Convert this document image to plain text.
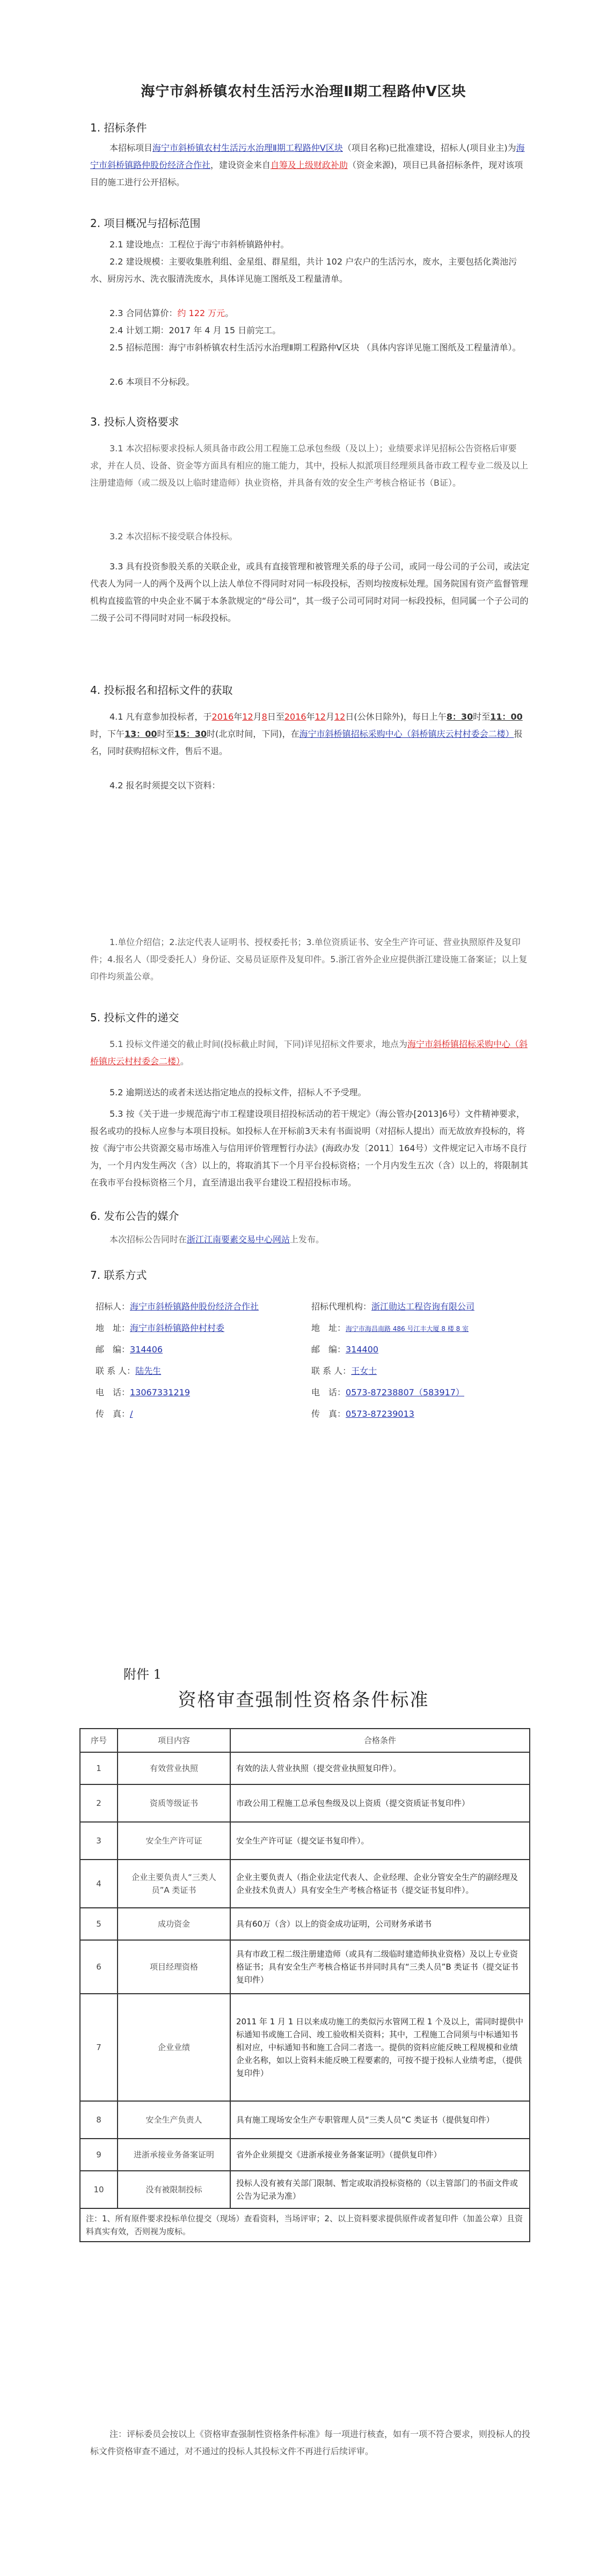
海宁市斜桥镇农村生活污水治理Ⅱ期工程路仲Ⅴ区块
1. 招标条件
本招标项目海宁市斜桥镇农村生活污水治理Ⅱ期工程路仲Ⅴ区块（项目名称)已批准建设，招标人(项目业主)为海宁市斜桥镇路仲股份经济合作社，建设资金来自自筹及上级财政补助（资金来源)，项目已具备招标条件，现对该项目的施工进行公开招标。
2. 项目概况与招标范围
2.1 建设地点：工程位于海宁市斜桥镇路仲村。
2.2 建设规模：主要收集胜利组、金星组、群星组，共计 102 户农户的生活污水，废水，主要包括化粪池污水、厨房污水、洗衣服清洗废水，具体详见施工图纸及工程量清单。
2.3 合同估算价：约 122 万元。
2.4 计划工期：2017 年 4 月 15 日前完工。
2.5 招标范围：海宁市斜桥镇农村生活污水治理Ⅱ期工程路仲Ⅴ区块 （具体内容详见施工图纸及工程量清单）。
2.6 本项目不分标段。
3. 投标人资格要求
3.1 本次招标要求投标人须具备市政公用工程施工总承包叁级（及以上）；业绩要求详见招标公告资格后审要求，并在人员、设备、资金等方面具有相应的施工能力，其中，投标人拟派项目经理须具备市政工程专业二级及以上注册建造师（或二级及以上临时建造师）执业资格，并具备有效的安全生产考核合格证书（B证）。
3.2 本次招标不接受联合体投标。
3.3 具有投资参股关系的关联企业，或具有直接管理和被管理关系的母子公司，或同一母公司的子公司，或法定代表人为同一人的两个及两个以上法人单位不得同时对同一标段投标，否则均按废标处理。国务院国有资产监督管理机构直接监管的中央企业不属于本条款规定的“母公司”，其一级子公司可同时对同一标段投标，但同属一个子公司的二级子公司不得同时对同一标段投标。
4. 投标报名和招标文件的获取
4.1 凡有意参加投标者，于2016年12月8日至2016年12月12日(公休日除外)，每日上午8：30时至11：00时，下午13：00时至15：30时(北京时间，下同)，在海宁市斜桥镇招标采购中心（斜桥镇庆云村村委会二楼）报名，同时获购招标文件，售后不退。
4.2 报名时须提交以下资料：
1.单位介绍信；2.法定代表人证明书、授权委托书；3.单位资质证书、安全生产许可证、营业执照原件及复印件；4.报名人（即受委托人）身份证、交易员证原件及复印件。5.浙江省外企业应提供浙江建设施工备案证；以上复印件均须盖公章。
5. 投标文件的递交
5.1 投标文件递交的截止时间(投标截止时间，下同)详见招标文件要求，地点为海宁市斜桥镇招标采购中心（斜桥镇庆云村村委会二楼）。
5.2 逾期送达的或者未送达指定地点的投标文件，招标人不予受理。
5.3 按《关于进一步规范海宁市工程建设项目招投标活动的若干规定》（海公管办[2013]6号）文件精神要求，报名或功的投标人应参与本项目投标。如投标人在开标前3天未有书面说明（对招标人提出）而无故放弃投标的，将按《海宁市公共资源交易市场准入与信用评价管理暂行办法》(海政办发〔2011〕164号）文件规定记入市场不良行为，一个月内发生两次（含）以上的，将取消其下一个月平台投标资格；一个月内发生五次（含）以上的，将限制其在我市平台投标资格三个月，直至清退出我平台建设工程招投标市场。
6. 发布公告的媒介
本次招标公告同时在浙江江南要素交易中心网站上发布。
7. 联系方式
招标人：海宁市斜桥镇路仲股份经济合作社
地　址：海宁市斜桥镇路仲村村委
邮　编：314406
联 系 人：陆先生
电　话：13067331219
传　真：/
招标代理机构：浙江勋达工程咨询有限公司
地　址：海宁市海昌南路 486 号江丰大厦 8 楼 8 室
邮　编：314400
联 系 人：王女士
电　话：0573-87238807（583917）
传　真：0573-87239013
附件 1
资格审查强制性资格条件标准
序号	项目内容	合格条件
1	有效营业执照	有效的法人营业执照（提交营业执照复印件）。
2	资质等级证书	市政公用工程施工总承包叁级及以上资质（提交资质证书复印件）
3	安全生产许可证	安全生产许可证（提交证书复印件）。
4	企业主要负责人“三类人员”A 类证书	企业主要负责人（指企业法定代表人、企业经理、企业分管安全生产的副经理及企业技术负责人）具有安全生产考核合格证书（提交证书复印件）。
5	成功资金	具有60万（含）以上的资金成功证明，公司财务承诺书
6	项目经理资格	具有市政工程二级注册建造师（或具有二级临时建造师执业资格）及以上专业资格证书；具有安全生产考核合格证书并同时具有“三类人员”B 类证书（提交证书复印件）
7	企业业绩	2011 年 1 月 1 日以来成功施工的类似污水管网工程 1 个及以上，需同时提供中标通知书或施工合同、竣工验收相关资料；其中，工程施工合同须与中标通知书相对应，中标通知书和施工合同二者选一。提供的资料应能反映工程规模和业绩企业名称，如以上资料未能反映工程要素的，可按不提于投标人业绩考虑，（提供复印件）
8	安全生产负责人	具有施工现场安全生产专职管理人员“三类人员”C 类证书（提供复印件）
9	进浙承接业务备案证明	省外企业须提交《进浙承接业务备案证明》（提供复印件）
10	没有被限制投标	投标人没有被有关部门限制、暂定或取消投标资格的（以主管部门的书面文件或公告为记录为准）
注：1、所有原件要求投标单位提交（现场）查看资料，当场评审；2、以上资料要求提供原件或者复印件（加盖公章）且资料真实有效，否则视为废标。		
注：评标委员会按以上《资格审查强制性资格条件标准》每一项进行核查，如有一项不符合要求，则投标人的投标文件资格审查不通过，对不通过的投标人其投标文件不再进行后续评审。
